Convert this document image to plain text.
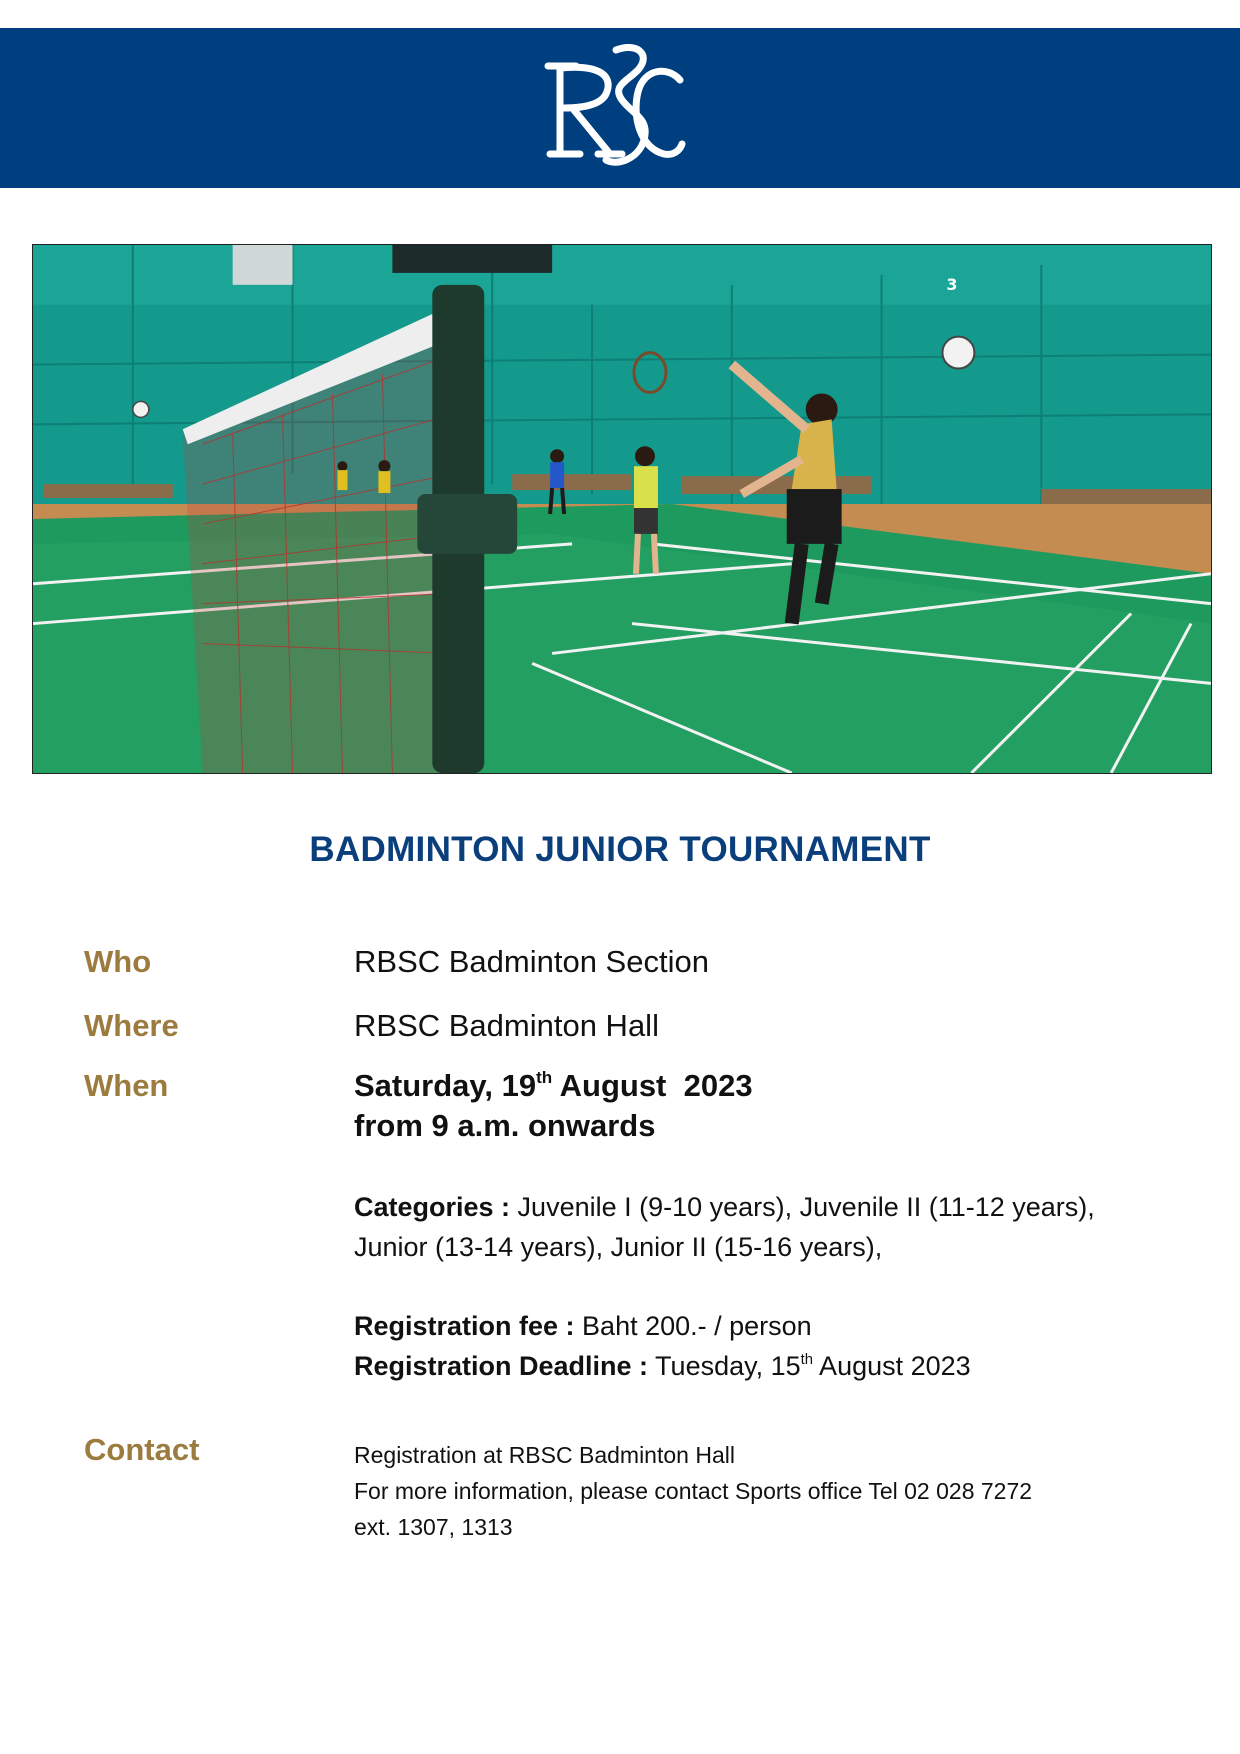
3
BADMINTON JUNIOR TOURNAMENT
Who	RBSC Badminton Section
Where	RBSC Badminton Hall
When	Saturday, 19th August  2023
from 9 a.m. onwards
Categories : Juvenile I (9-10 years), Juvenile II (11-12 years),
Junior (13-14 years), Junior II (15-16 years),
Registration fee : Baht 200.- / person
Registration Deadline : Tuesday, 15th August 2023
Contact	Registration at RBSC Badminton Hall
For more information, please contact Sports office Tel 02 028 7272
ext. 1307, 1313
